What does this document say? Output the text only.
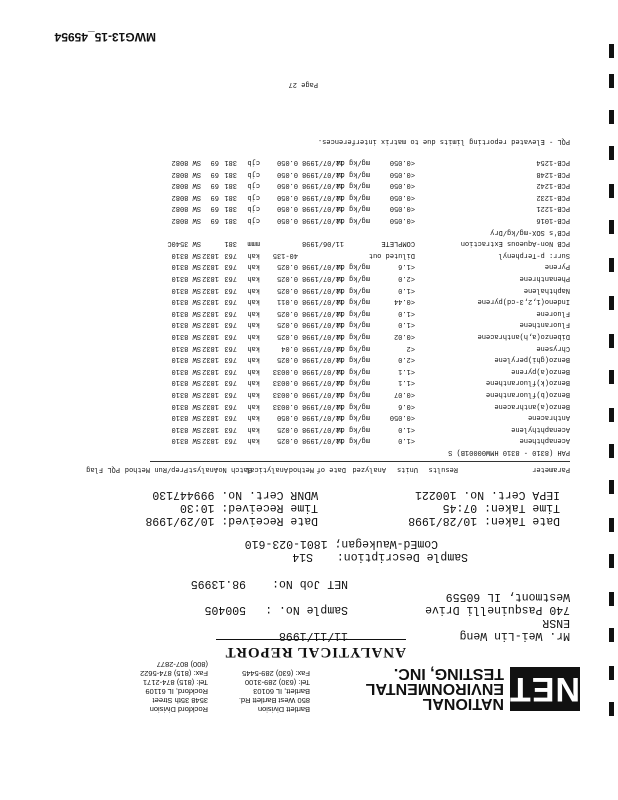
NET
NATIONAL
ENVIRONMENTAL
TESTING, INC.
Bartlett Division
850 West Bartlett Rd.
Bartlett, IL 60103
Tel: (630) 289-3100
Fax: (630) 289-5445
Rockford Division
3548 35th Street
Rockford, IL 61109
Tel: (815) 874-2171
Fax: (815) 874-5622
(800) 807-2877
ANALYTICAL REPORT
Mr. Wei-Lin Weng
ENSR
740 Pasquinelli Drive
Westmont, IL 60559
11/11/1998
Sample No. :
500405
NET Job No:
98.13995
Sample Description:
S14
ComEd-Waukegan; 1801-023-610
Date Taken: 10/28/1998
Time Taken: 07:45
IEPA Cert. No. 100221
Date Received: 10/29/1998
Time Received: 10:30
WDNR Cert. No. 999447130
Parameter
Results
Units
Analyzed
Date of
Method
Analytical
Batch No.
Analyst
Prep/Run
Method
PQL
Flag
PAH (8310 - 8310 HMW00001B) S
Acenaphthene
<1.0
mg/kg dw
11/07/1998
0.025
kah
763
1832
SW 8310
Acenaphthylene
<1.0
mg/kg dw
11/07/1998
0.025
kah
763
1832
SW 8310
Anthracene
<0.050
mg/kg dw
11/07/1998
0.050
kah
763
1832
SW 8310
Benzo(a)anthracene
<0.6
mg/kg dw
11/07/1998
0.0033
kah
763
1832
SW 8310
Benzo(b)fluoranthene
<0.07
mg/kg dw
11/07/1998
0.0033
kah
763
1832
SW 8310
Benzo(k)fluoranthene
<1.1
mg/kg dw
11/07/1998
0.0033
kah
763
1832
SW 8310
Benzo(a)pyrene
<1.1
mg/kg dw
11/07/1998
0.0033
kah
763
1832
SW 8310
Benzo(ghi)perylene
<2.0
mg/kg dw
11/07/1998
0.025
kah
763
1832
SW 8310
Chrysene
<2
mg/kg dw
11/07/1998
0.04
kah
763
1832
SW 8310
Dibenzo(a,h)anthracene
<0.02
mg/kg dw
11/07/1998
0.025
kah
763
1832
SW 8310
Fluoranthene
<1.0
mg/kg dw
11/07/1998
0.025
kah
763
1832
SW 8310
Fluorene
<1.0
mg/kg dw
11/07/1998
0.025
kah
763
1832
SW 8310
Indeno(1,2,3-cd)pyrene
<0.44
mg/kg dw
11/07/1998
0.011
kah
763
1832
SW 8310
Naphthalene
<1.0
mg/kg dw
11/07/1998
0.025
kah
763
1832
SW 8310
Phenanthrene
<2.0
mg/kg dw
11/07/1998
0.025
kah
763
1832
SW 8310
Pyrene
<1.6
mg/kg dw
11/07/1998
0.025
kah
763
1832
SW 8310
Surr: p-Terphenyl
Diluted out
40-135
kah
763
1832
SW 8310
PCB Non-Aqueous Extraction
COMPLETE
11/06/1998
mmm
381
SW 3540C
PCB's SOX-mg/kg/Dry
PCB-1016
<0.050
mg/kg dw
11/07/1998
0.050
cjb
381
69
SW 8082
PCB-1221
<0.050
mg/kg dw
11/07/1998
0.050
cjb
381
69
SW 8082
PCB-1232
<0.050
mg/kg dw
11/07/1998
0.050
cjb
381
69
SW 8082
PCB-1242
<0.050
mg/kg dw
11/07/1998
0.050
cjb
381
69
SW 8082
PCB-1248
<0.050
mg/kg dw
11/07/1998
0.050
cjb
381
69
SW 8082
PCB-1254
<0.050
mg/kg dw
11/07/1998
0.050
cjb
381
69
SW 8082
PQL - Elevated reporting limits due to matrix interferences.
Page 27
MWG13-15_45954
